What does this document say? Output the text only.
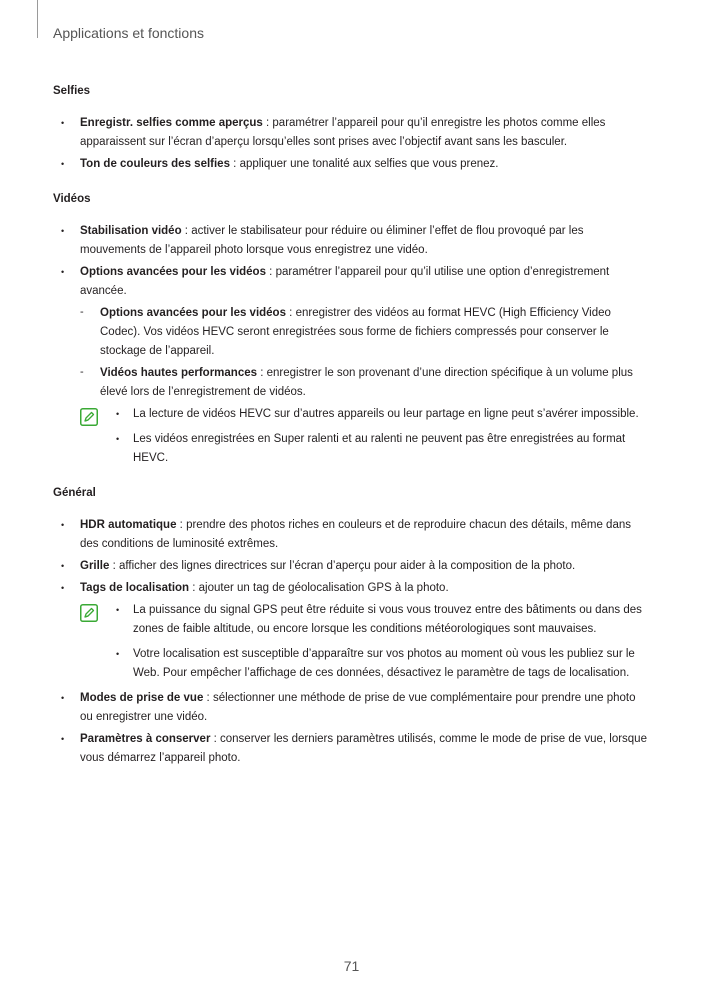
Applications et fonctions

Selfies

• Enregistr. selfies comme aperçus : paramétrer l’appareil pour qu’il enregistre les photos comme elles apparaissent sur l’écran d’aperçu lorsqu’elles sont prises avec l’objectif avant sans les basculer.

• Ton de couleurs des selfies : appliquer une tonalité aux selfies que vous prenez.

Vidéos

• Stabilisation vidéo : activer le stabilisateur pour réduire ou éliminer l’effet de flou provoqué par les mouvements de l’appareil photo lorsque vous enregistrez une vidéo.

• Options avancées pour les vidéos : paramétrer l’appareil pour qu’il utilise une option d’enregistrement avancée.

- Options avancées pour les vidéos : enregistrer des vidéos au format HEVC (High Efficiency Video Codec). Vos vidéos HEVC seront enregistrées sous forme de fichiers compressés pour conserver le stockage de l’appareil.

- Vidéos hautes performances : enregistrer le son provenant d’une direction spécifique à un volume plus élevé lors de l’enregistrement de vidéos.

• La lecture de vidéos HEVC sur d’autres appareils ou leur partage en ligne peut s’avérer impossible.

• Les vidéos enregistrées en Super ralenti et au ralenti ne peuvent pas être enregistrées au format HEVC.

Général

• HDR automatique : prendre des photos riches en couleurs et de reproduire chacun des détails, même dans des conditions de luminosité extrêmes.

• Grille : afficher des lignes directrices sur l’écran d’aperçu pour aider à la composition de la photo.

• Tags de localisation : ajouter un tag de géolocalisation GPS à la photo.

• La puissance du signal GPS peut être réduite si vous vous trouvez entre des bâtiments ou dans des zones de faible altitude, ou encore lorsque les conditions météorologiques sont mauvaises.

• Votre localisation est susceptible d’apparaître sur vos photos au moment où vous les publiez sur le Web. Pour empêcher l’affichage de ces données, désactivez le paramètre de tags de localisation.

• Modes de prise de vue : sélectionner une méthode de prise de vue complémentaire pour prendre une photo ou enregistrer une vidéo.

• Paramètres à conserver : conserver les derniers paramètres utilisés, comme le mode de prise de vue, lorsque vous démarrez l’appareil photo.

71
